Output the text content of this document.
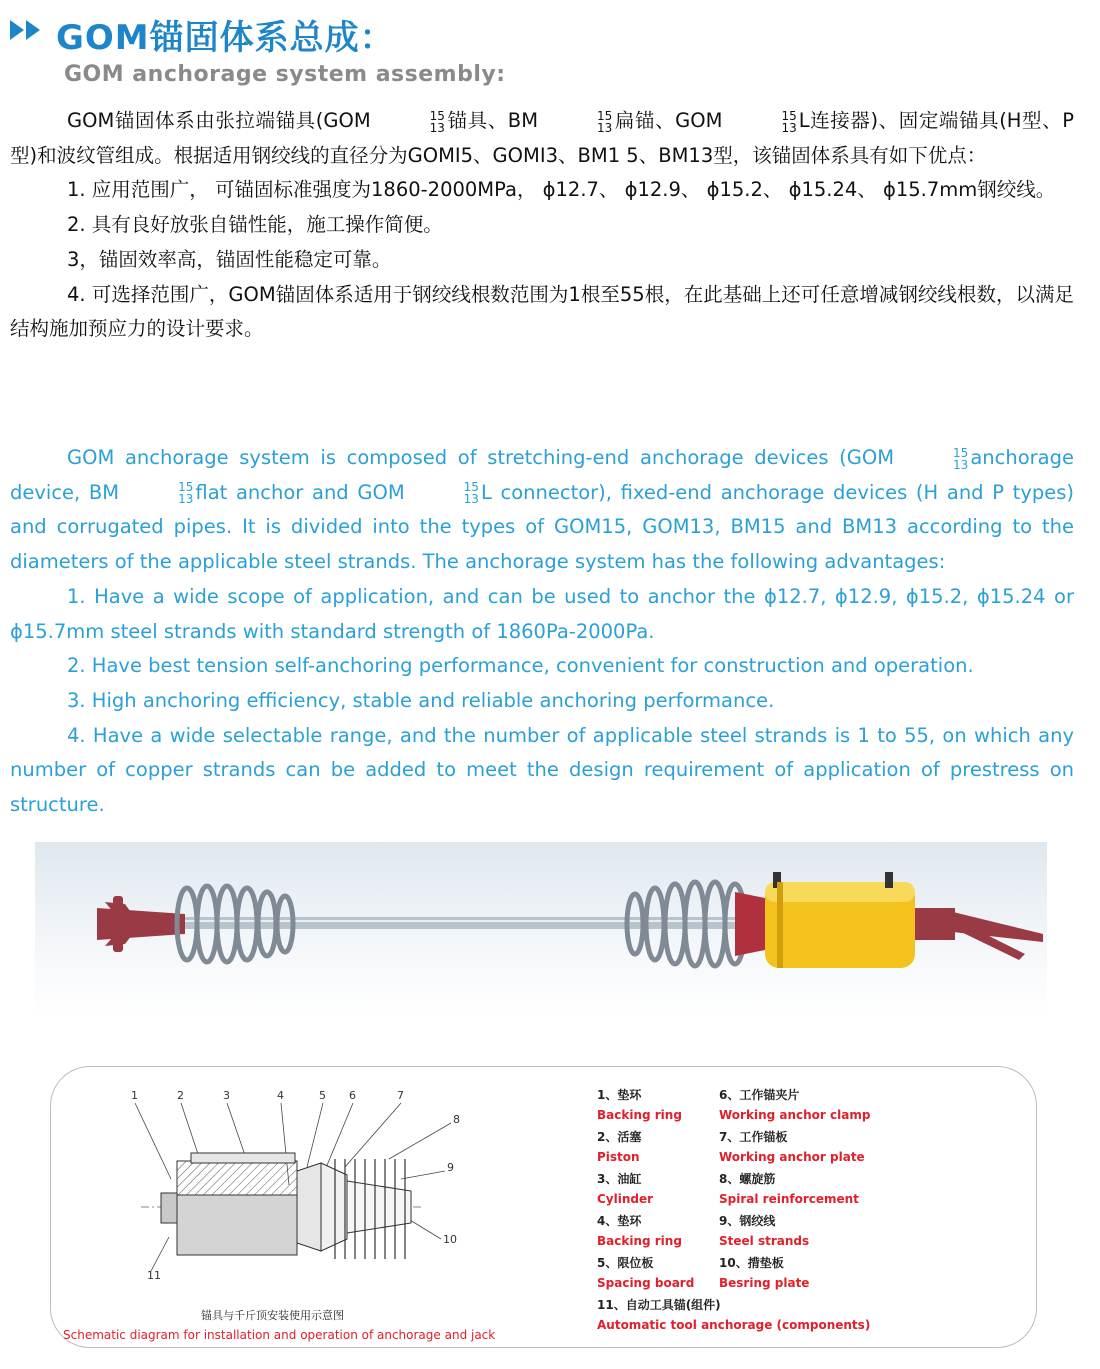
GOM锚固体系总成：
GOM anchorage system assembly:

GOM锚固体系由张拉端锚具(GOM	15
13 锚具、BM	15
13 扁锚、GOM	15
13 L连接器)、固定端锚具(H型、P型)和波纹管组成。根据适用钢绞线的直径分为GOMI5、GOMI3、BM1 5、BM13型，该锚固体系具有如下优点：

1. 应用范围广， 可锚固标准强度为1860-2000MPa， ϕ12.7、 ϕ12.9、 ϕ15.2、 ϕ15.24、 ϕ15.7mm钢绞线。

2. 具有良好放张自锚性能，施工操作简便。

3，锚固效率高，锚固性能稳定可靠。

4. 可选择范围广，GOM锚固体系适用于钢绞线根数范围为1根至55根，在此基础上还可任意增减钢绞线根数，以满足结构施加预应力的设计要求。

GOM anchorage system is composed of stretching-end anchorage devices (GOM	15
13 anchorage device, BM	15
13 flat anchor and GOM	15
13 L connector), fixed-end anchorage devices (H and P types) and corrugated pipes. It is divided into the types of GOM15, GOM13, BM15 and BM13 according to the diameters of the applicable steel strands. The anchorage system has the following advantages:

1. Have a wide scope of application, and can be used to anchor the ϕ12.7, ϕ12.9, ϕ15.2, ϕ15.24 or ϕ15.7mm steel strands with standard strength of 1860Pa-2000Pa.

2. Have best tension self-anchoring performance, convenient for construction and operation.

3. High anchoring efficiency, stable and reliable anchoring performance.

4. Have a wide selectable range, and the number of applicable steel strands is 1 to 55, on which any number of copper strands can be added to meet the design requirement of application of prestress on structure.

1	2	3	4	5 6	7
8
9
10
11
锚具与千斤顶安装使用示意图
Schematic diagram for installation and operation of anchorage and jack
1、垫环
Backing ring
2、活塞
Piston
3、油缸
Cylinder
4、垫环
Backing ring
5、限位板
Spacing board
11、自动工具锚(组件)
Automatic tool anchorage (components)
6、工作锚夹片
Working anchor clamp
7、工作锚板
Working anchor plate
8、螺旋筋
Spiral reinforcement
9、钢绞线
Steel strands
10、揹垫板
Besring plate
